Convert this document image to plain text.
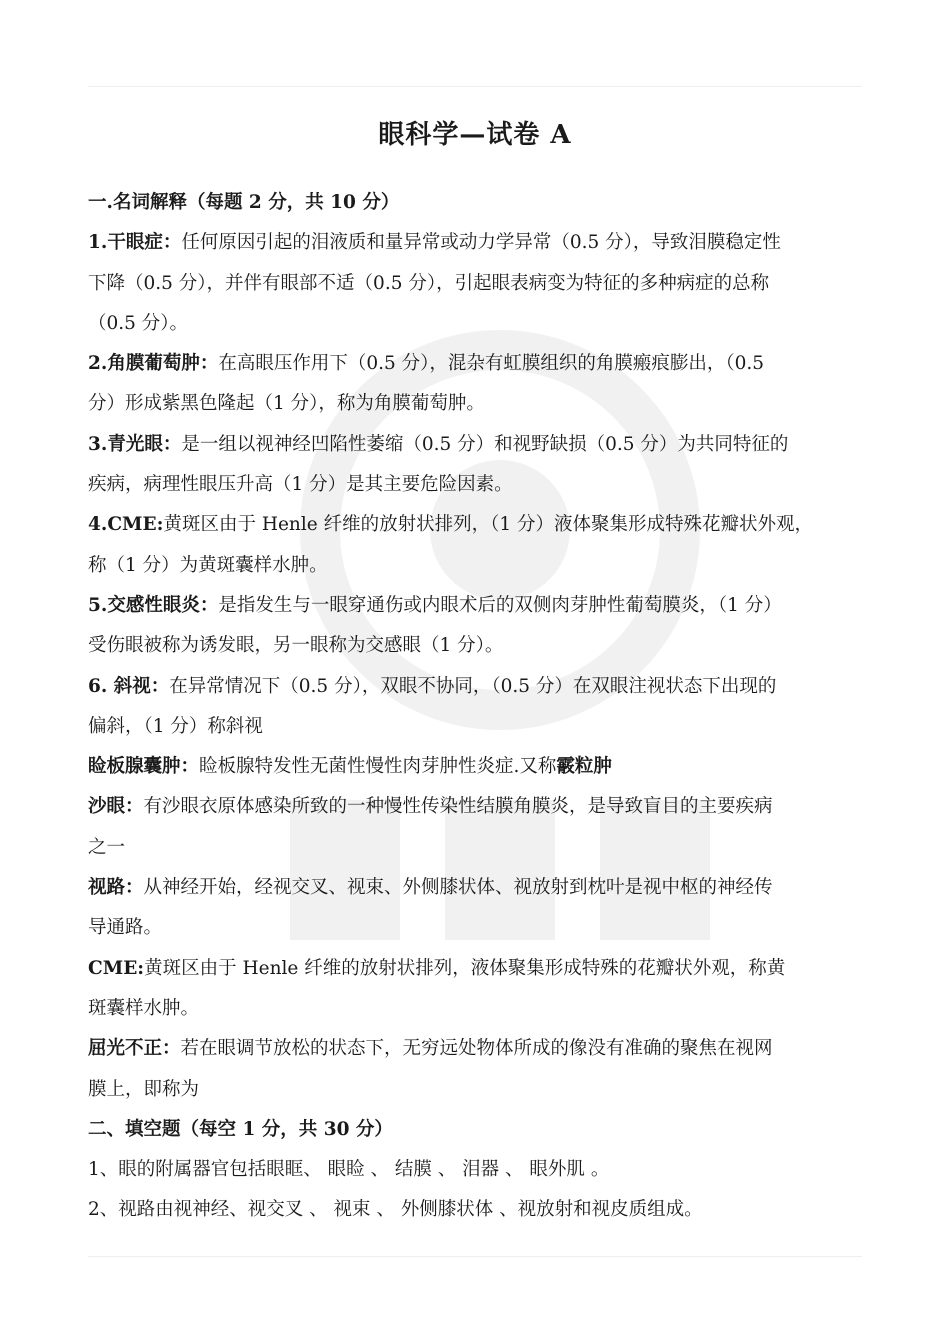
眼科学—试卷 A

一.名词解释（每题 2 分，共 10 分）

1.干眼症：任何原因引起的泪液质和量异常或动力学异常（0.5 分），导致泪膜稳定性

下降（0.5 分），并伴有眼部不适（0.5 分），引起眼表病变为特征的多种病症的总称

（0.5 分）。

2.角膜葡萄肿：在高眼压作用下（0.5 分），混杂有虹膜组织的角膜瘢痕膨出，（0.5

分）形成紫黑色隆起（1 分），称为角膜葡萄肿。

3.青光眼：是一组以视神经凹陷性萎缩（0.5 分）和视野缺损（0.5 分）为共同特征的

疾病，病理性眼压升高（1 分）是其主要危险因素。

4.CME:黄斑区由于 Henle 纤维的放射状排列，（1 分）液体聚集形成特殊花瓣状外观，

称（1 分）为黄斑囊样水肿。

5.交感性眼炎：是指发生与一眼穿通伤或内眼术后的双侧肉芽肿性葡萄膜炎，（1 分）

受伤眼被称为诱发眼，另一眼称为交感眼（1 分）。

6. 斜视：在异常情况下（0.5 分），双眼不协同，（0.5 分）在双眼注视状态下出现的

偏斜，（1 分）称斜视

睑板腺囊肿：睑板腺特发性无菌性慢性肉芽肿性炎症.又称霰粒肿

沙眼：有沙眼衣原体感染所致的一种慢性传染性结膜角膜炎，是导致盲目的主要疾病

之一

视路：从神经开始，经视交叉、视束、外侧膝状体、视放射到枕叶是视中枢的神经传

导通路。

CME:黄斑区由于 Henle 纤维的放射状排列，液体聚集形成特殊的花瓣状外观，称黄

斑囊样水肿。

屈光不正：若在眼调节放松的状态下，无穷远处物体所成的像没有准确的聚焦在视网

膜上，即称为

二、填空题（每空 1 分，共 30 分）

1、眼的附属器官包括眼眶、 眼睑 、 结膜 、 泪器 、 眼外肌 。

2、视路由视神经、视交叉 、 视束 、 外侧膝状体 、视放射和视皮质组成。
